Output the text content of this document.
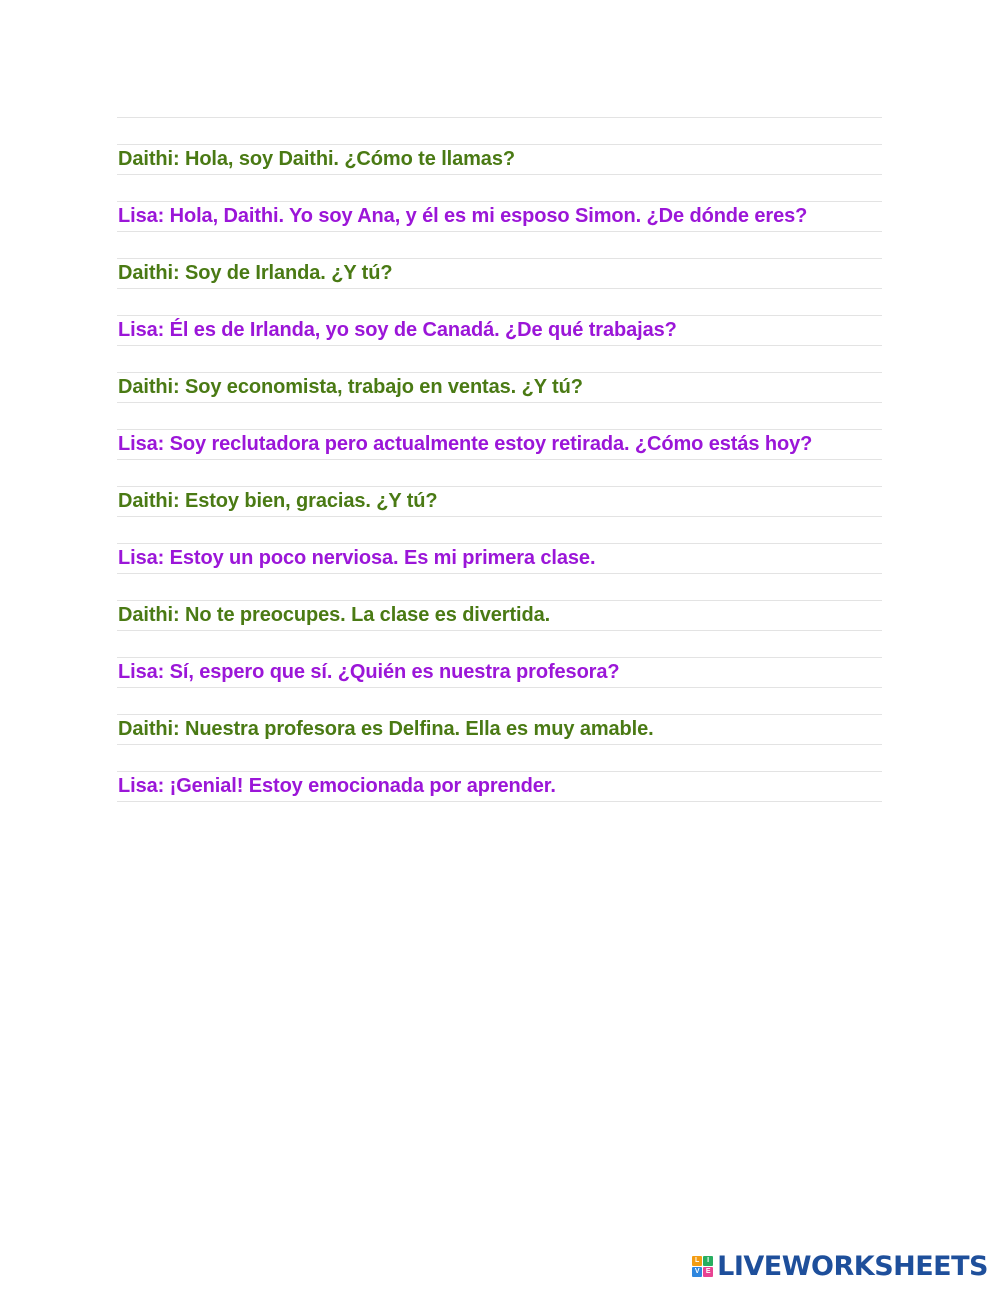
Daithi: Hola, soy Daithi. ¿Cómo te llamas?
Lisa: Hola, Daithi. Yo soy Ana, y él es mi esposo Simon. ¿De dónde eres?
Daithi: Soy de Irlanda. ¿Y tú?
Lisa: Él es de Irlanda, yo soy de Canadá. ¿De qué trabajas?
Daithi: Soy economista, trabajo en ventas. ¿Y tú?
Lisa: Soy reclutadora pero actualmente estoy retirada. ¿Cómo estás hoy?
Daithi: Estoy bien, gracias. ¿Y tú?
Lisa: Estoy un poco nerviosa. Es mi primera clase.
Daithi: No te preocupes. La clase es divertida.
Lisa: Sí, espero que sí. ¿Quién es nuestra profesora?
Daithi: Nuestra profesora es Delfina. Ella es muy amable.
Lisa: ¡Genial! Estoy emocionada por aprender.
L	I
V E LIVEWORKSHEETS
